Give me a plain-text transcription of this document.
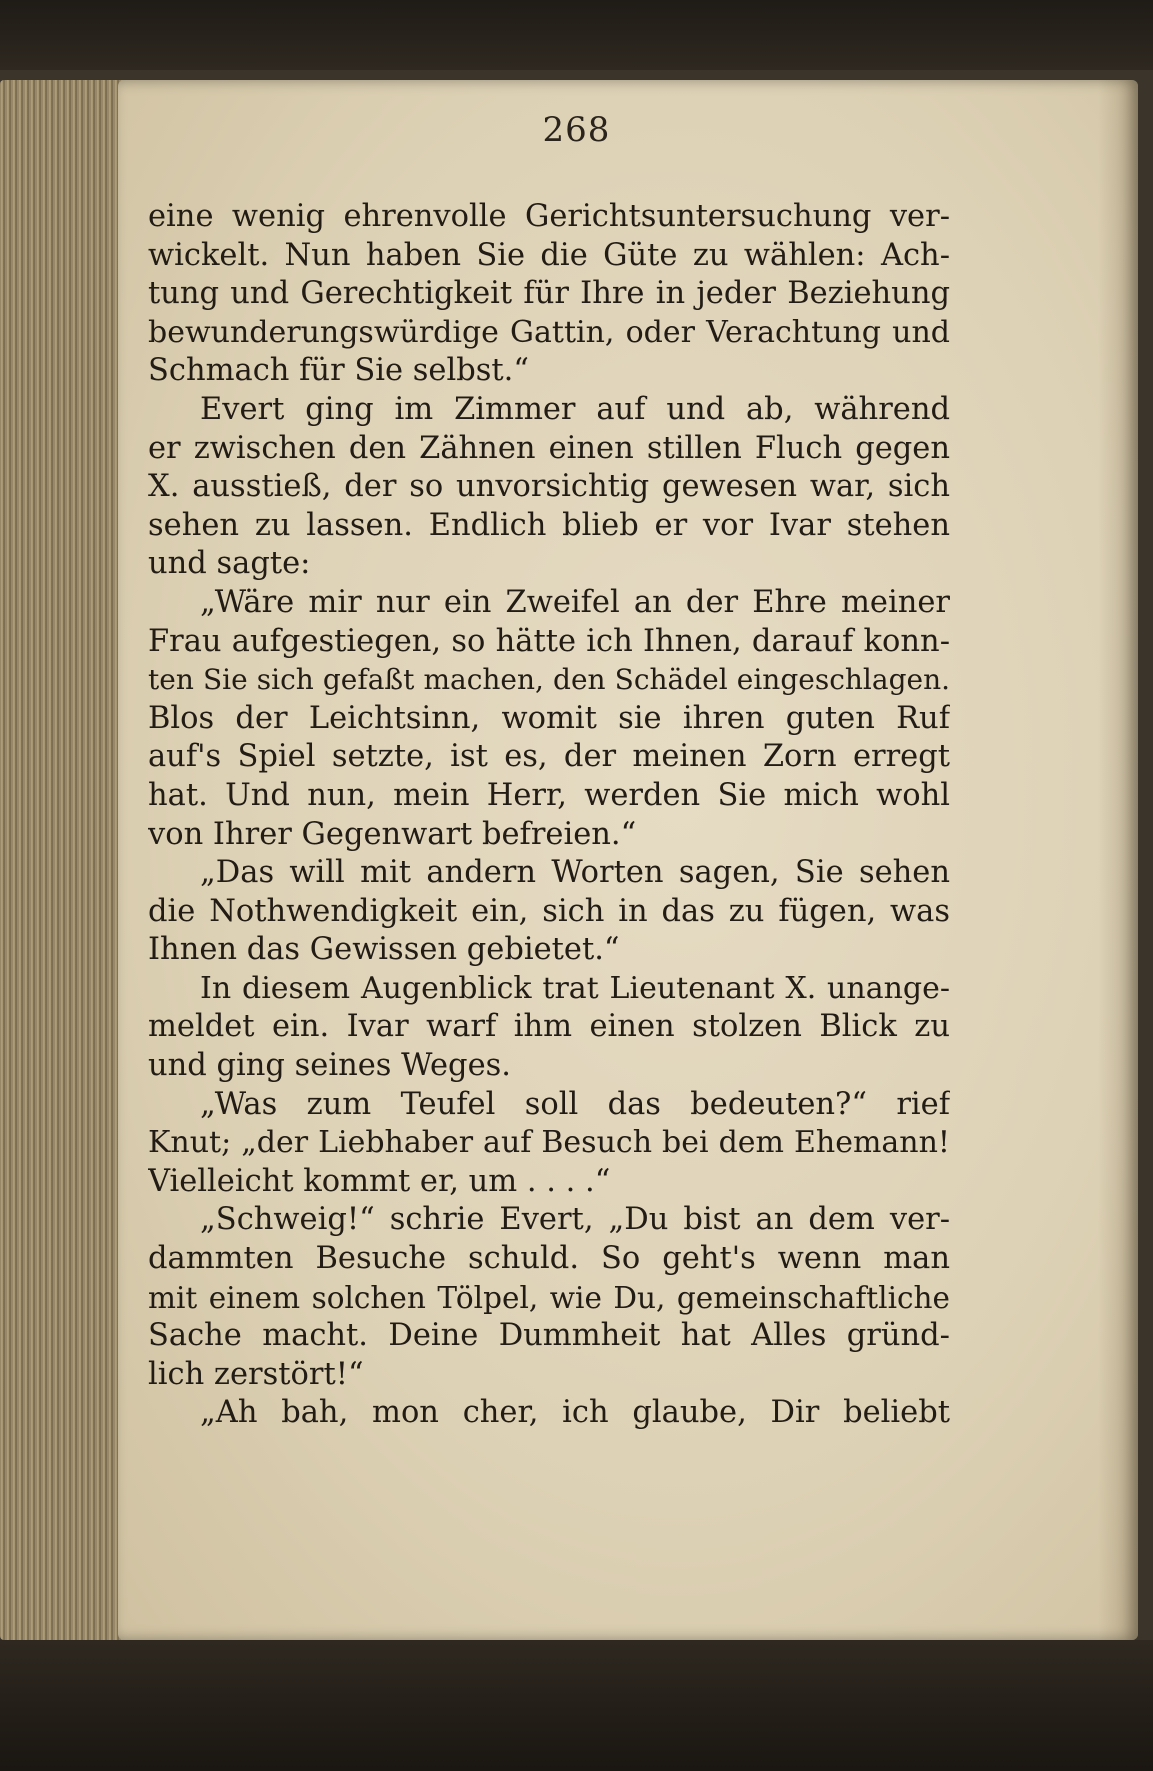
268
eine wenig ehrenvolle Gerichtsuntersuchung ver-
wickelt. Nun haben Sie die Güte zu wählen: Ach-
tung und Gerechtigkeit für Ihre in jeder Beziehung
bewunderungswürdige Gattin, oder Verachtung und
Schmach für Sie selbst.“
Evert ging im Zimmer auf und ab, während
er zwischen den Zähnen einen stillen Fluch gegen
X. ausstieß, der so unvorsichtig gewesen war, sich
sehen zu lassen. Endlich blieb er vor Ivar stehen
und sagte:
„Wäre mir nur ein Zweifel an der Ehre meiner
Frau aufgestiegen, so hätte ich Ihnen, darauf konn-
ten Sie sich gefaßt machen, den Schädel eingeschlagen.
Blos der Leichtsinn, womit sie ihren guten Ruf
auf's Spiel setzte, ist es, der meinen Zorn erregt
hat. Und nun, mein Herr, werden Sie mich wohl
von Ihrer Gegenwart befreien.“
„Das will mit andern Worten sagen, Sie sehen
die Nothwendigkeit ein, sich in das zu fügen, was
Ihnen das Gewissen gebietet.“
In diesem Augenblick trat Lieutenant X. unange-
meldet ein. Ivar warf ihm einen stolzen Blick zu
und ging seines Weges.
„Was zum Teufel soll das bedeuten?“ rief
Knut; „der Liebhaber auf Besuch bei dem Ehemann!
Vielleicht kommt er, um . . . .“
„Schweig!“ schrie Evert, „Du bist an dem ver-
dammten Besuche schuld. So geht's wenn man
mit einem solchen Tölpel, wie Du, gemeinschaftliche
Sache macht. Deine Dummheit hat Alles gründ-
lich zerstört!“
„Ah bah, mon cher, ich glaube, Dir beliebt
